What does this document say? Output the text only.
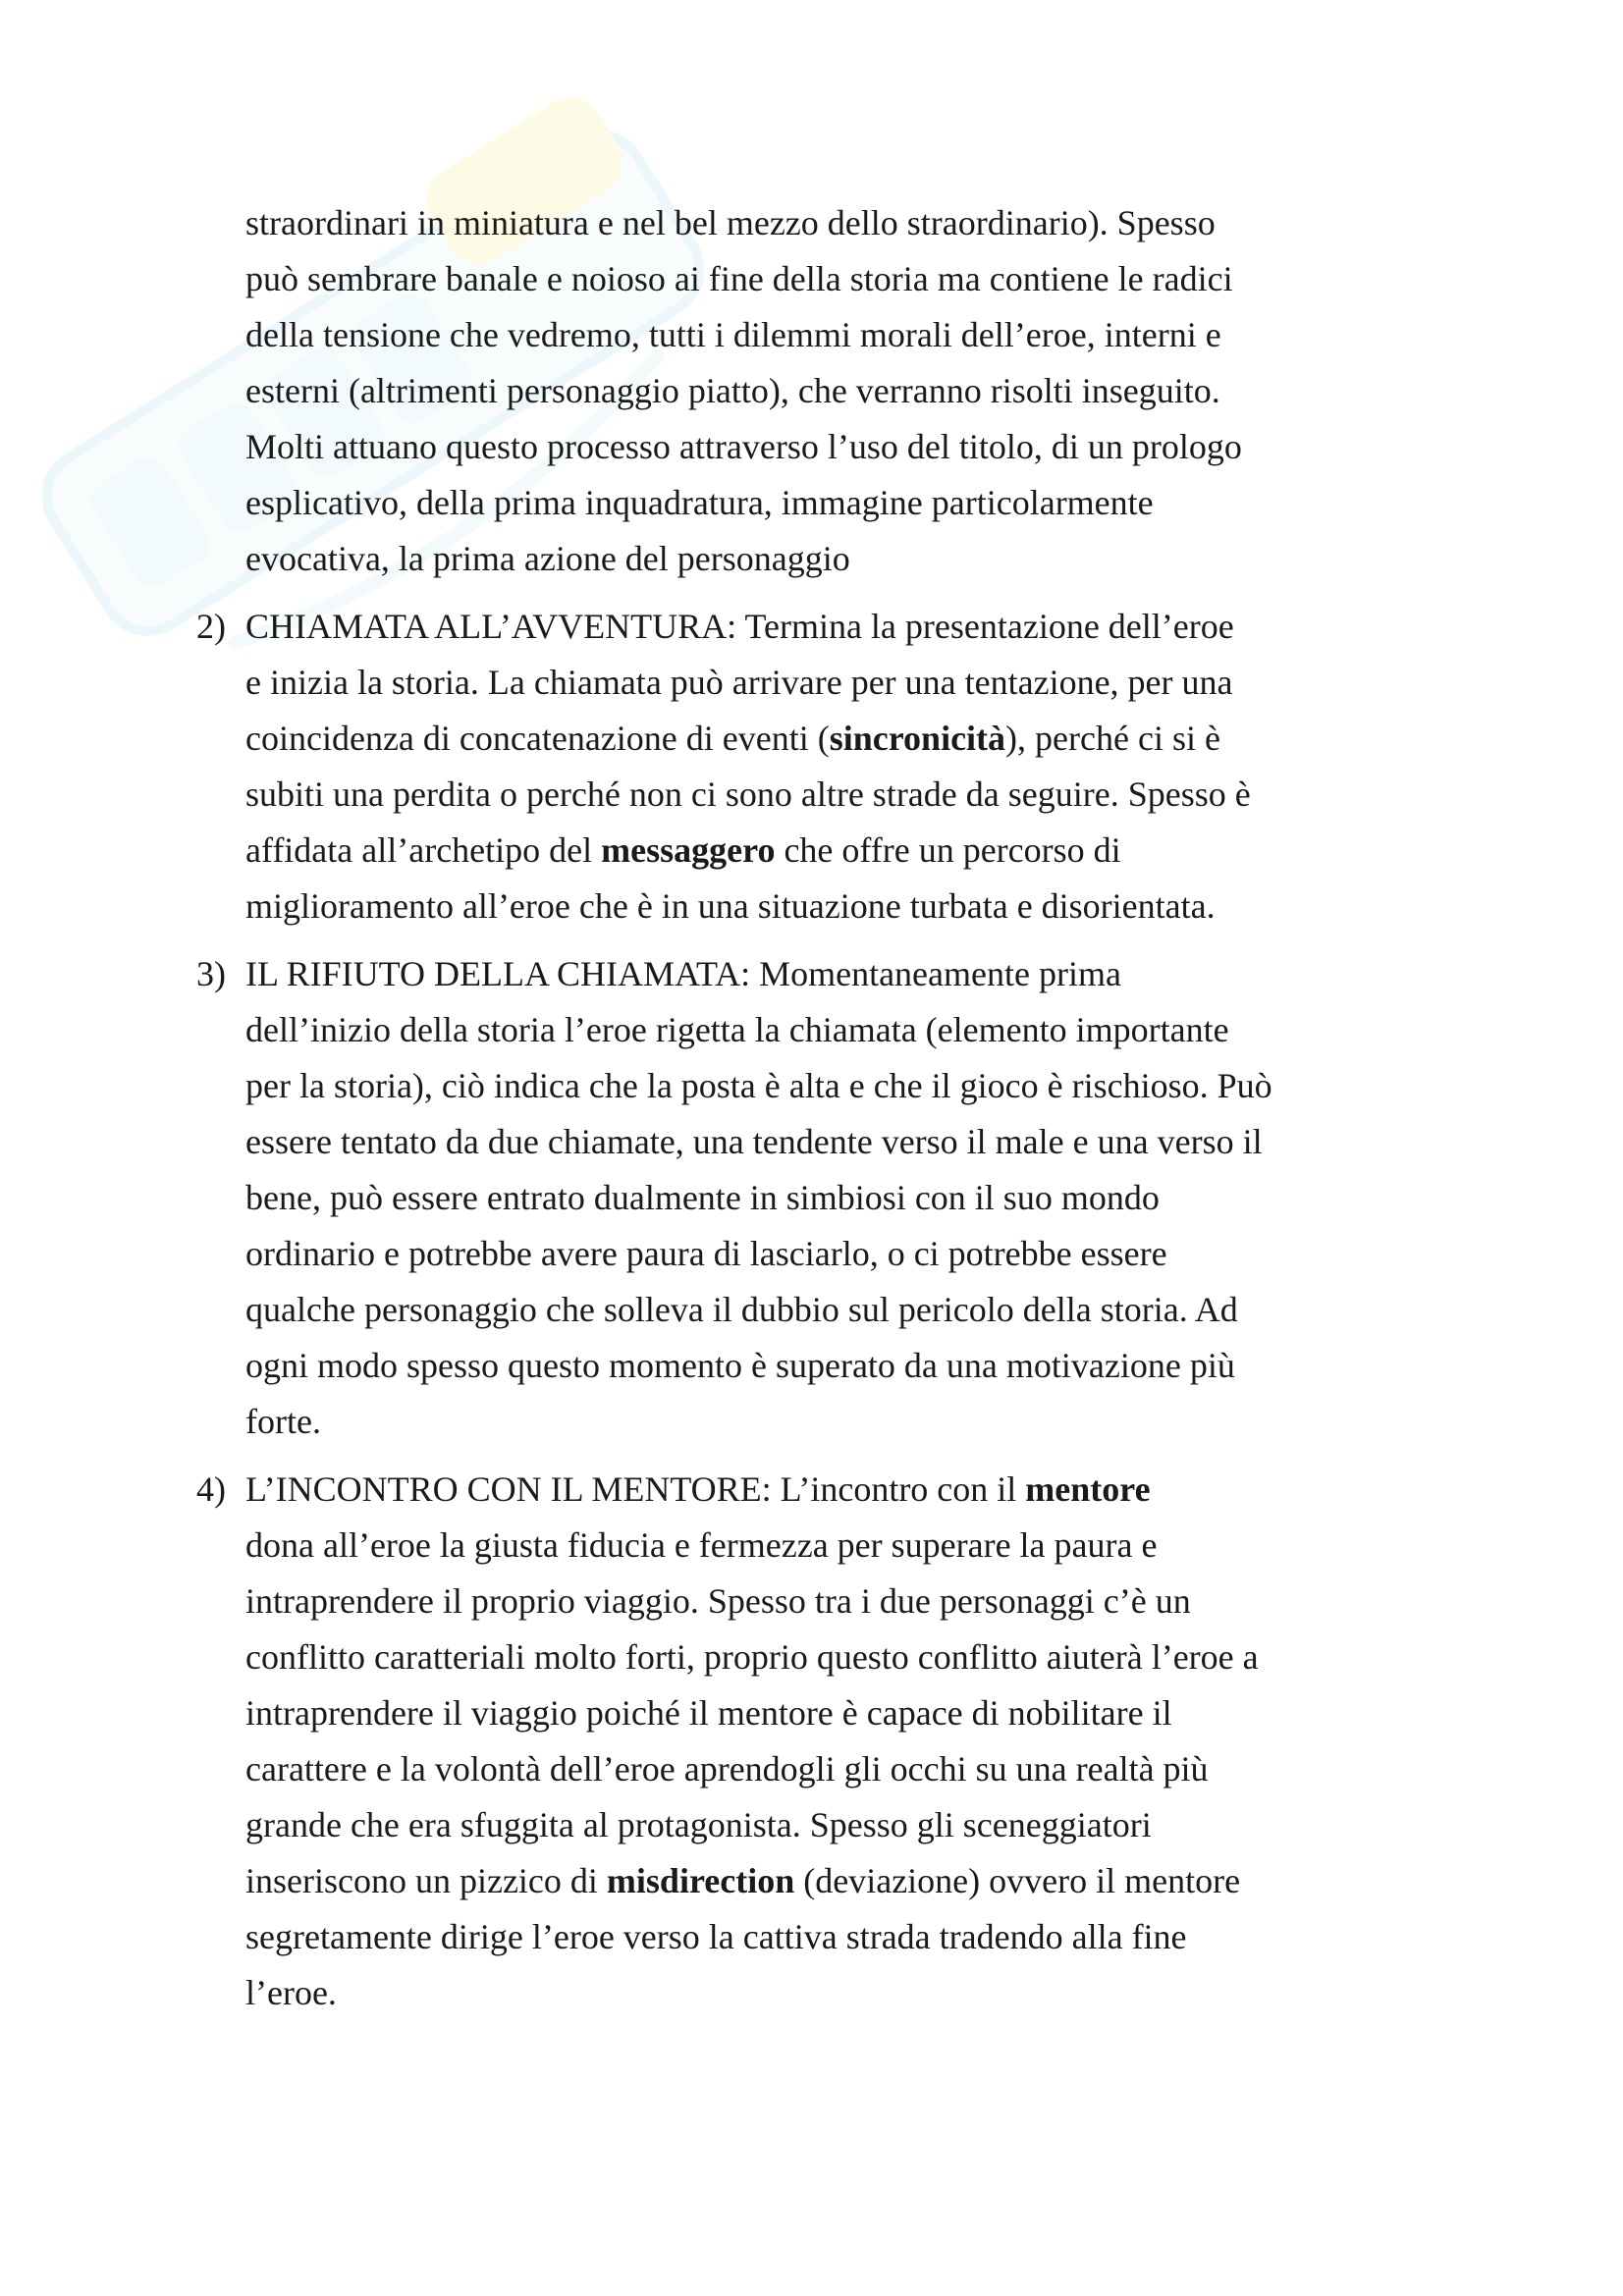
straordinari in miniatura e nel bel mezzo dello straordinario). Spesso
può sembrare banale e noioso ai fine della storia ma contiene le radici
della tensione che vedremo, tutti i dilemmi morali dell’eroe, interni e
esterni (altrimenti personaggio piatto), che verranno risolti inseguito.
Molti attuano questo processo attraverso l’uso del titolo, di un prologo
esplicativo, della prima inquadratura, immagine particolarmente
evocativa, la prima azione del personaggio
2) CHIAMATA ALL’AVVENTURA: Termina la presentazione dell’eroe
e inizia la storia. La chiamata può arrivare per una tentazione, per una
coincidenza di concatenazione di eventi (sincronicità), perché ci si è
subiti una perdita o perché non ci sono altre strade da seguire. Spesso è
affidata all’archetipo del messaggero che offre un percorso di
miglioramento all’eroe che è in una situazione turbata e disorientata.
3) IL RIFIUTO DELLA CHIAMATA: Momentaneamente prima
dell’inizio della storia l’eroe rigetta la chiamata (elemento importante
per la storia), ciò indica che la posta è alta e che il gioco è rischioso. Può
essere tentato da due chiamate, una tendente verso il male e una verso il
bene, può essere entrato dualmente in simbiosi con il suo mondo
ordinario e potrebbe avere paura di lasciarlo, o ci potrebbe essere
qualche personaggio che solleva il dubbio sul pericolo della storia. Ad
ogni modo spesso questo momento è superato da una motivazione più
forte.
4) L’INCONTRO CON IL MENTORE: L’incontro con il mentore
dona all’eroe la giusta fiducia e fermezza per superare la paura e
intraprendere il proprio viaggio. Spesso tra i due personaggi c’è un
conflitto caratteriali molto forti, proprio questo conflitto aiuterà l’eroe a
intraprendere il viaggio poiché il mentore è capace di nobilitare il
carattere e la volontà dell’eroe aprendogli gli occhi su una realtà più
grande che era sfuggita al protagonista. Spesso gli sceneggiatori
inseriscono un pizzico di misdirection (deviazione) ovvero il mentore
segretamente dirige l’eroe verso la cattiva strada tradendo alla fine
l’eroe.
